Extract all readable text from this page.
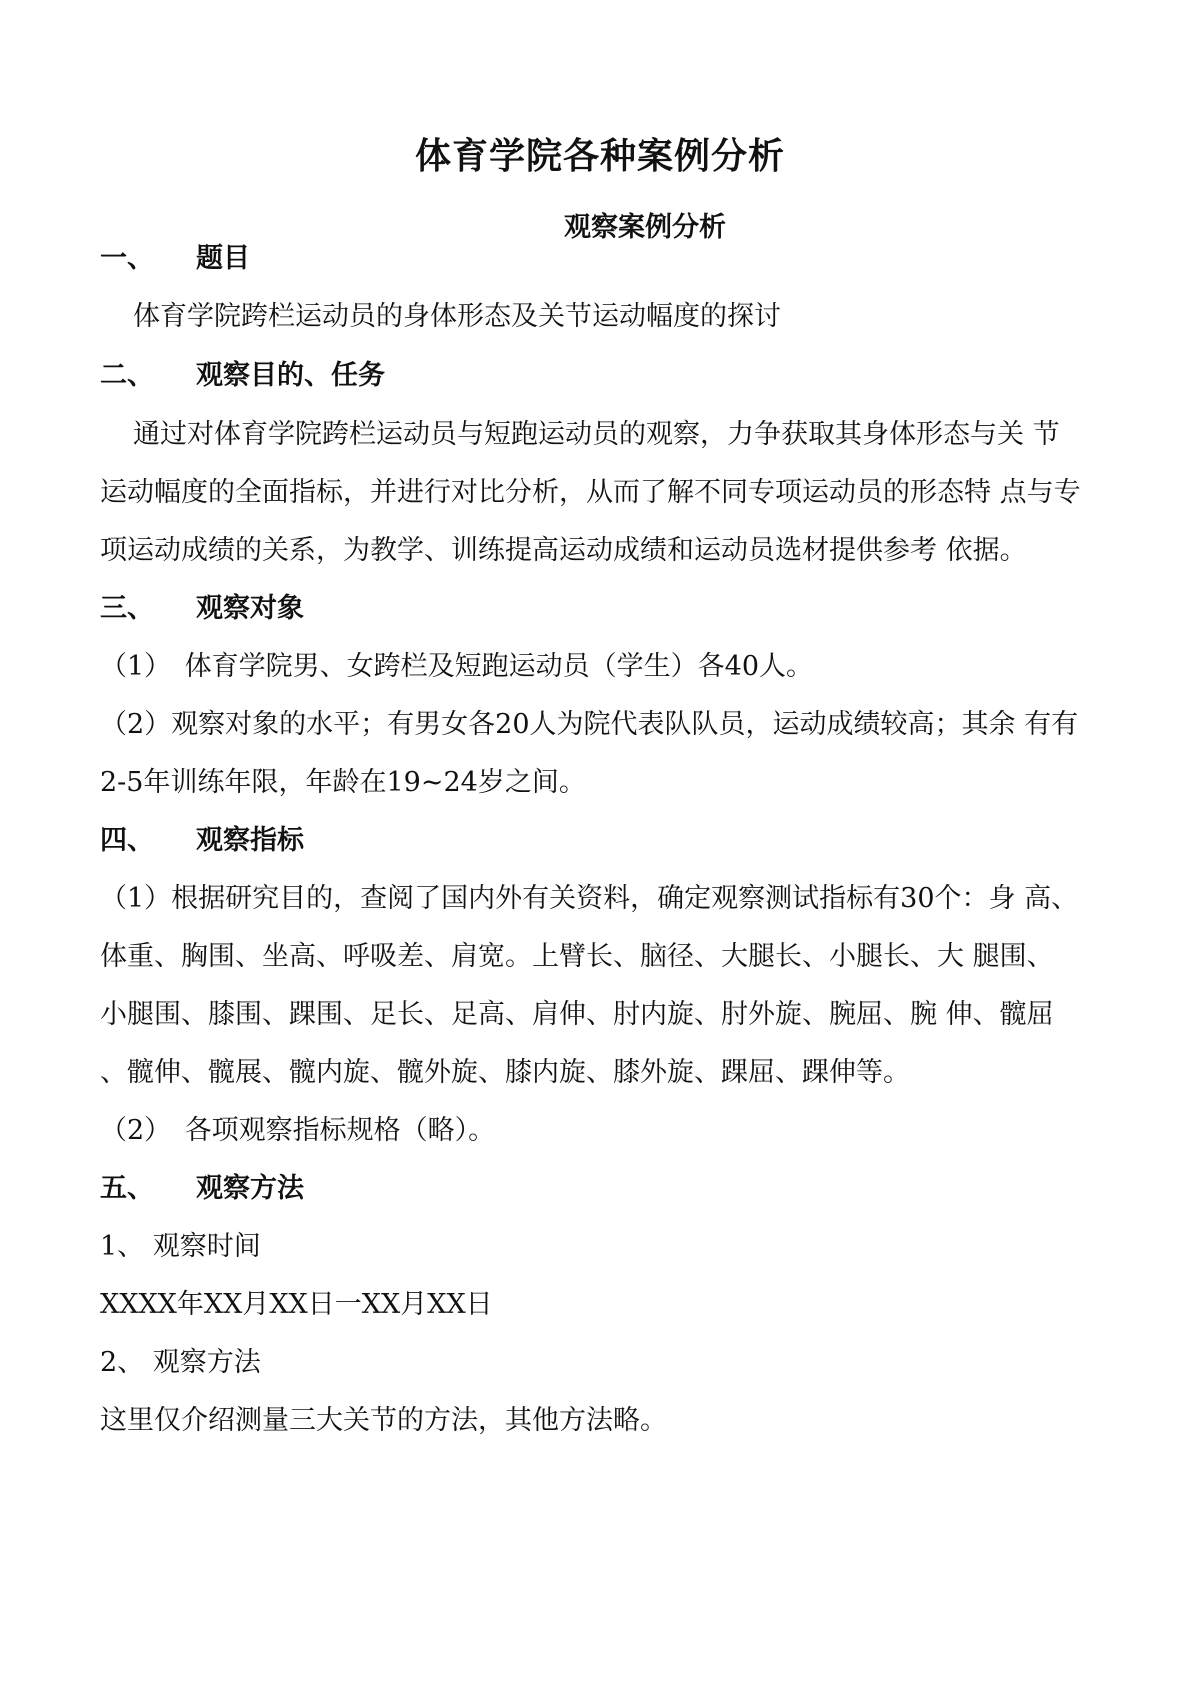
体育学院各种案例分析
观察案例分析
一、 题目
体育学院跨栏运动员的身体形态及关节运动幅度的探讨
二、 观察目的、任务
通过对体育学院跨栏运动员与短跑运动员的观察，力争获取其身体形态与关 节
运动幅度的全面指标，并进行对比分析，从而了解不同专项运动员的形态特 点与专
项运动成绩的关系，为教学、训练提高运动成绩和运动员选材提供参考 依据。
三、 观察对象
（1）　体育学院男、女跨栏及短跑运动员（学生）各40人。
（2）观察对象的水平；有男女各20人为院代表队队员，运动成绩较高；其余 有有
2-5年训练年限，年龄在19~24岁之间。
四、 观察指标
（1）根据研究目的，查阅了国内外有关资料，确定观察测试指标有30个：身 高、
体重、胸围、坐高、呼吸差、肩宽。上臂长、脑径、大腿长、小腿长、大 腿围、
小腿围、膝围、踝围、足长、足高、肩伸、肘内旋、肘外旋、腕屈、腕 伸、髋屈
、髋伸、髋展、髋内旋、髋外旋、膝内旋、膝外旋、踝屈、踝伸等。
（2）　各项观察指标规格（略）。
五、 观察方法
1、 观察时间
XXXX年XX月XX日一XX月XX日
2、 观察方法
这里仅介绍测量三大关节的方法，其他方法略。
